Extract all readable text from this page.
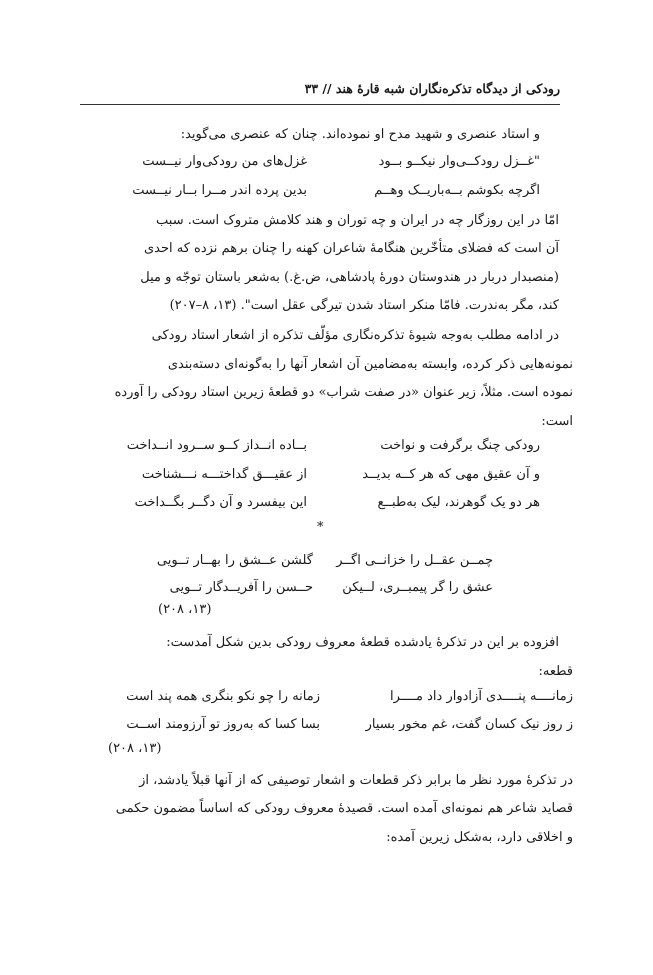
رودکی از دیدگاه تذکره‌نگاران شبه قارهٔ هند // ۳۳
و استاد عنصری و شهید مدح او نموده‌اند. چنان که عنصری می‌گوید:
"غــزل رودکــی‌وار نیکــو بــود
غزل‌های من رودکی‌وار نیــست
اگرچه بکوشم بــه‌باریــک وهــم
بدین پرده اندر مــرا بــار نیــست
امّا در این روزگار چه در ایران و چه توران و هند کلامش متروک است. سبب
آن است که فضلای متأخّرین هنگامهٔ شاعران کهنه را چنان برهم نزده که احدی
(منصبدار دربار در هندوستان دورهٔ پادشاهی، ض.غ.) به‌شعر باستان توجّه و میل
کند، مگر به‌ندرت. فامّا منکر استاد شدن تیرگی عقل است". (۱۳، ۸–۲۰۷)
در ادامه مطلب به‌وجه شیوهٔ تذکره‌نگاری مؤلّف تذکره از اشعار استاد رودکی
نمونه‌هایی ذکر کرده، وابسته به‌مضامین آن اشعار آنها را به‌گونه‌ای دسته‌بندی
نموده است. مثلاً، زیر عنوان «در صفت شراب» دو قطعهٔ زیرین استاد رودکی را آورده
است:
رودکی چنگ برگرفت و نواخت
بــاده انــداز کــو ســرود انــداخت
و آن عقیق مهی که هر کــه بدیــد
از عقیـــق گداختـــه نـــشناخت
هر دو یک گوهرند، لیک به‌طبــع
این بیفسرد و آن دگــر بگــداخت
*
چمــن عقــل را خزانــی اگــر
گلشن عــشق را بهــار تــویی
عشق را گر پیمبــری، لــیکن
حــسن را آفریــدگار تــویی
(۱۳، ۲۰۸)
افزوده بر این در تذکرهٔ یادشده قطعهٔ معروف رودکی بدین شکل آمدست:
قطعه:
زمانــــه پنــــدی آزادوار داد مــــرا
زمانه را چو نکو بنگری همه پند است
ز روز نیک کسان گفت، غم مخور بسیار
بسا کسا که به‌روز تو آرزومند اســت
(۱۳، ۲۰۸)
در تذکرهٔ مورد نظر ما برابر ذکر قطعات و اشعار توصیفی که از آنها قبلاً یادشد، از
قصاید شاعر هم نمونه‌ای آمده است. قصیدهٔ معروف رودکی که اساساً مضمون حکمی
و اخلاقی دارد، به‌شکل زیرین آمده:
